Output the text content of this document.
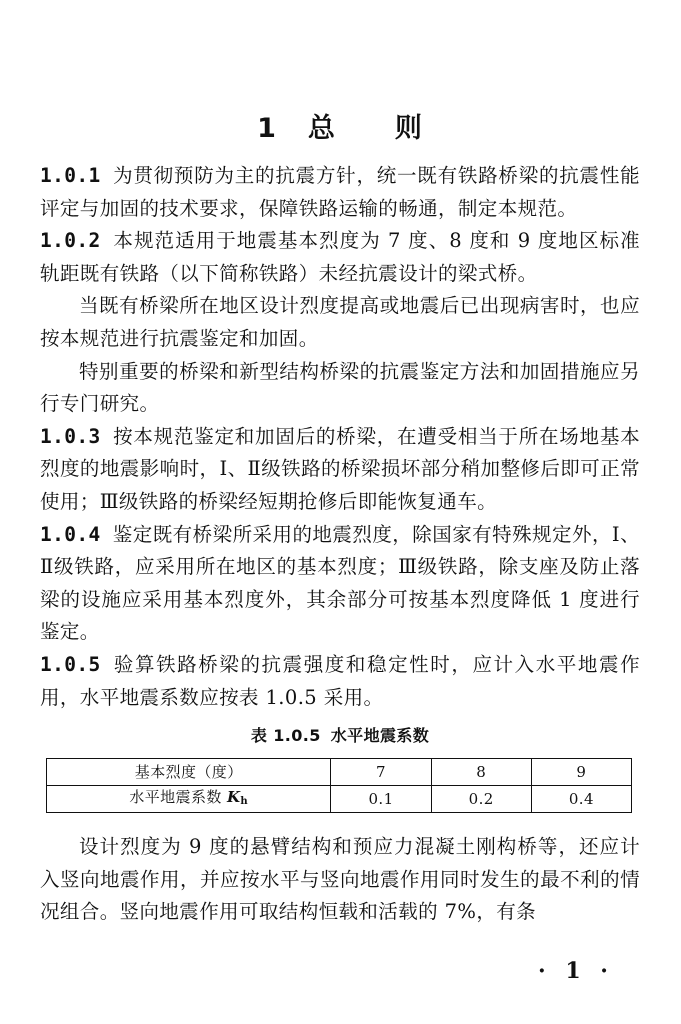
1 总 则

1.0.1 为贯彻预防为主的抗震方针，统一既有铁路桥梁的抗震性能评定与加固的技术要求，保障铁路运输的畅通，制定本规范。

1.0.2 本规范适用于地震基本烈度为 7 度、8 度和 9 度地区标准轨距既有铁路（以下简称铁路）未经抗震设计的梁式桥。

当既有桥梁所在地区设计烈度提高或地震后已出现病害时，也应按本规范进行抗震鉴定和加固。

特别重要的桥梁和新型结构桥梁的抗震鉴定方法和加固措施应另行专门研究。

1.0.3 按本规范鉴定和加固后的桥梁，在遭受相当于所在场地基本烈度的地震影响时，Ⅰ、Ⅱ级铁路的桥梁损坏部分稍加整修后即可正常使用；Ⅲ级铁路的桥梁经短期抢修后即能恢复通车。

1.0.4 鉴定既有桥梁所采用的地震烈度，除国家有特殊规定外，Ⅰ、Ⅱ级铁路，应采用所在地区的基本烈度；Ⅲ级铁路，除支座及防止落梁的设施应采用基本烈度外，其余部分可按基本烈度降低 1 度进行鉴定。

1.0.5 验算铁路桥梁的抗震强度和稳定性时，应计入水平地震作用，水平地震系数应按表 1.0.5 采用。

表 1.0.5 水平地震系数
基本烈度（度）	7	8	9
水平地震系数 $K_h$	0.1	0.2	0.4

设计烈度为 9 度的悬臂结构和预应力混凝土刚构桥等，还应计入竖向地震作用，并应按水平与竖向地震作用同时发生的最不利的情况组合。竖向地震作用可取结构恒载和活载的 7%，有条

· 1 ·
